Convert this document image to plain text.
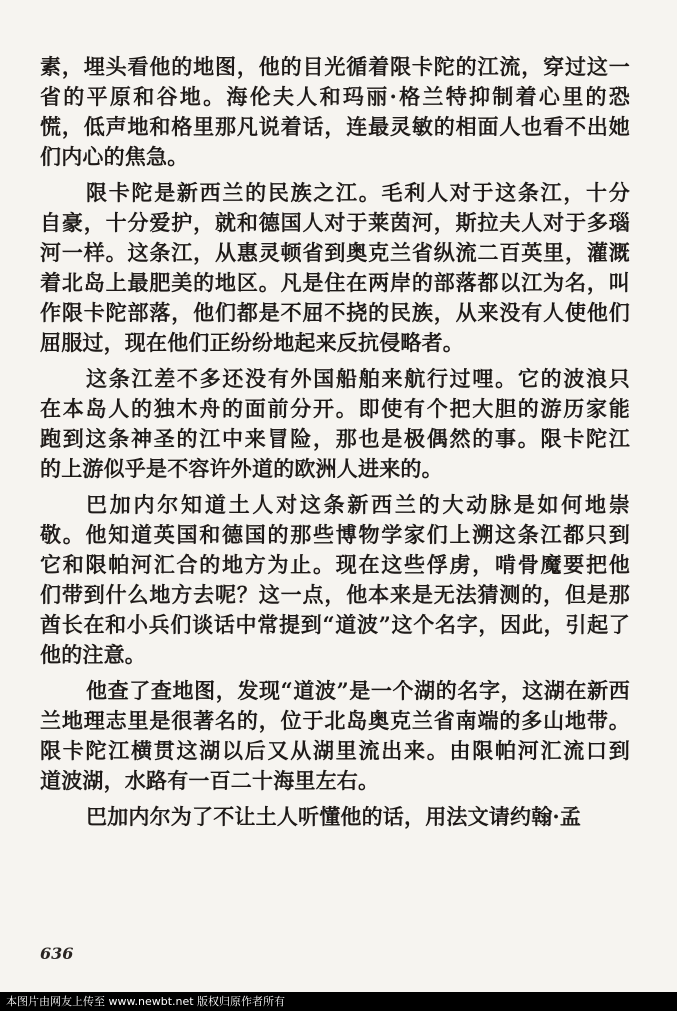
素，埋头看他的地图，他的目光循着限卡陀的江流，穿过这一
省的平原和谷地。海伦夫人和玛丽·格兰特抑制着心里的恐
慌，低声地和格里那凡说着话，连最灵敏的相面人也看不出她
们内心的焦急。
限卡陀是新西兰的民族之江。毛利人对于这条江，十分
自豪，十分爱护，就和德国人对于莱茵河，斯拉夫人对于多瑙
河一样。这条江，从惠灵顿省到奥克兰省纵流二百英里，灌溉
着北岛上最肥美的地区。凡是住在两岸的部落都以江为名，叫
作限卡陀部落，他们都是不屈不挠的民族，从来没有人使他们
屈服过，现在他们正纷纷地起来反抗侵略者。
这条江差不多还没有外国船舶来航行过哩。它的波浪只
在本岛人的独木舟的面前分开。即使有个把大胆的游历家能
跑到这条神圣的江中来冒险，那也是极偶然的事。限卡陀江
的上游似乎是不容许外道的欧洲人进来的。
巴加内尔知道土人对这条新西兰的大动脉是如何地崇
敬。他知道英国和德国的那些博物学家们上溯这条江都只到
它和限帕河汇合的地方为止。现在这些俘虏，啃骨魔要把他
们带到什么地方去呢？这一点，他本来是无法猜测的，但是那
酋长在和小兵们谈话中常提到“道波”这个名字，因此，引起了
他的注意。
他查了查地图，发现“道波”是一个湖的名字，这湖在新西
兰地理志里是很著名的，位于北岛奥克兰省南端的多山地带。
限卡陀江横贯这湖以后又从湖里流出来。由限帕河汇流口到
道波湖，水路有一百二十海里左右。
巴加内尔为了不让土人听懂他的话，用法文请约翰·孟
636
本图片由网友上传至 www.newbt.net 版权归原作者所有
